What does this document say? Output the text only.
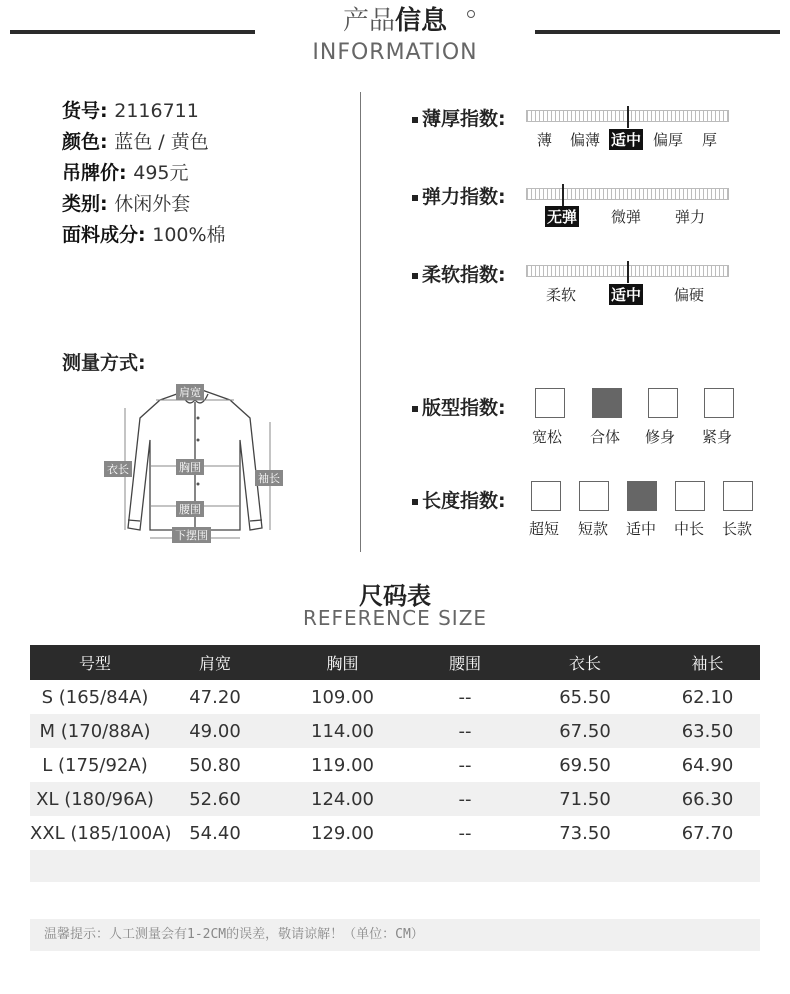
产品信息
INFORMATION
货号: 2116711
颜色: 蓝色 / 黄色
吊牌价: 495元
类别: 休闲外套
面料成分: 100%棉
测量方式:
肩宽
胸围
腰围
下摆围
衣长
袖长
薄厚指数:
薄 偏薄 适中 偏厚 厚
弹力指数:
无弹 微弹 弹力
柔软指数:
柔软 适中 偏硬
版型指数:
宽松 合体 修身 紧身
长度指数:
超短 短款 适中 中长 长款
尺码表
REFERENCE SIZE
号型	肩宽	胸围	腰围	衣长	袖长
S (165/84A)	47.20	109.00	--	65.50	62.10
M (170/88A)	49.00	114.00	--	67.50	63.50
L (175/92A)	50.80	119.00	--	69.50	64.90
XL (180/96A)	52.60	124.00	--	71.50	66.30
XXL (185/100A) 54.40	129.00	--	73.50	67.70
温馨提示：人工测量会有1-2CM的误差，敬请谅解！（单位：CM）
